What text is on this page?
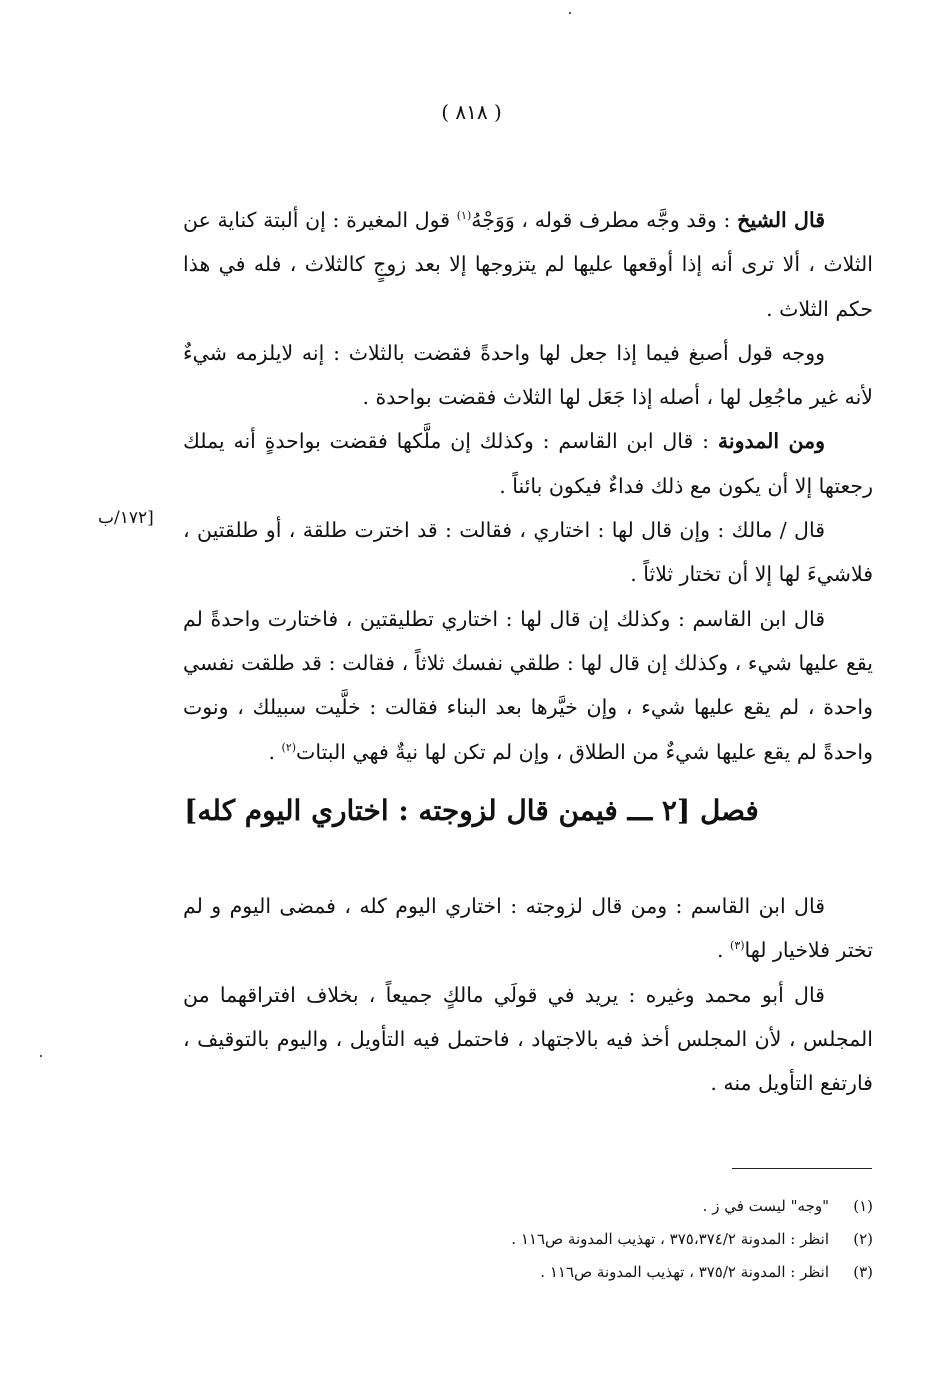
( ٨١٨ )

قال الشيخ : وقد وجَّه مطرف قوله ، وَوَجْهُ$^{(١)}$ قول المغيرة : إن ألبتة كناية عن الثلاث ، ألا ترى أنه إذا أوقعها عليها لم يتزوجها إلا بعد زوجٍ كالثلاث ، فله في هذا حكم الثلاث .

ووجه قول أصبغ فيما إذا جعل لها واحدةً فقضت بالثلاث : إنه لايلزمه شيءٌ لأنه غير ماجُعِل لها ، أصله إذا جَعَل لها الثلاث فقضت بواحدة .

ومن المدونة : قال ابن القاسم : وكذلك إن ملَّكها فقضت بواحدةٍ أنه يملك رجعتها إلا أن يكون مع ذلك فداءٌ فيكون بائناً .

قال / مالك : وإن قال لها : اختاري ، فقالت : قد اخترت طلقة ، أو طلقتين ، فلاشيءَ لها إلا أن تختار ثلاثاً .

قال ابن القاسم : وكذلك إن قال لها : اختاري تطليقتين ، فاختارت واحدةً لم يقع عليها شيء ، وكذلك إن قال لها : طلقي نفسك ثلاثاً ، فقالت : قد طلقت نفسي واحدة ، لم يقع عليها شيء ، وإن خيَّرها بعد البناء فقالت : خلَّيت سبيلك ، ونوت واحدةً لم يقع عليها شيءٌ من الطلاق ، وإن لم تكن لها نيةٌ فهي البتات$^{(٢)}$ .

[١٧٢/ب
فصل [٢ ـــ فيمن قال لزوجته : اختاري اليوم كله]

قال ابن القاسم : ومن قال لزوجته : اختاري اليوم كله ، فمضى اليوم و لم تختر فلاخيار لها$^{(٣)}$ .

قال أبو محمد وغيره : يريد في قولَي مالكٍ جميعاً ، بخلاف افتراقهما من المجلس ، لأن المجلس أخذ فيه بالاجتهاد ، فاحتمل فيه التأويل ، واليوم بالتوقيف ، فارتفع التأويل منه .

(١)
"وجه" ليست في ز .
(٢)
انظر : المدونة ٣٧٥،٣٧٤/٢ ، تهذيب المدونة ص١١٦ .
(٣)
انظر : المدونة ٣٧٥/٢ ، تهذيب المدونة ص١١٦ .
